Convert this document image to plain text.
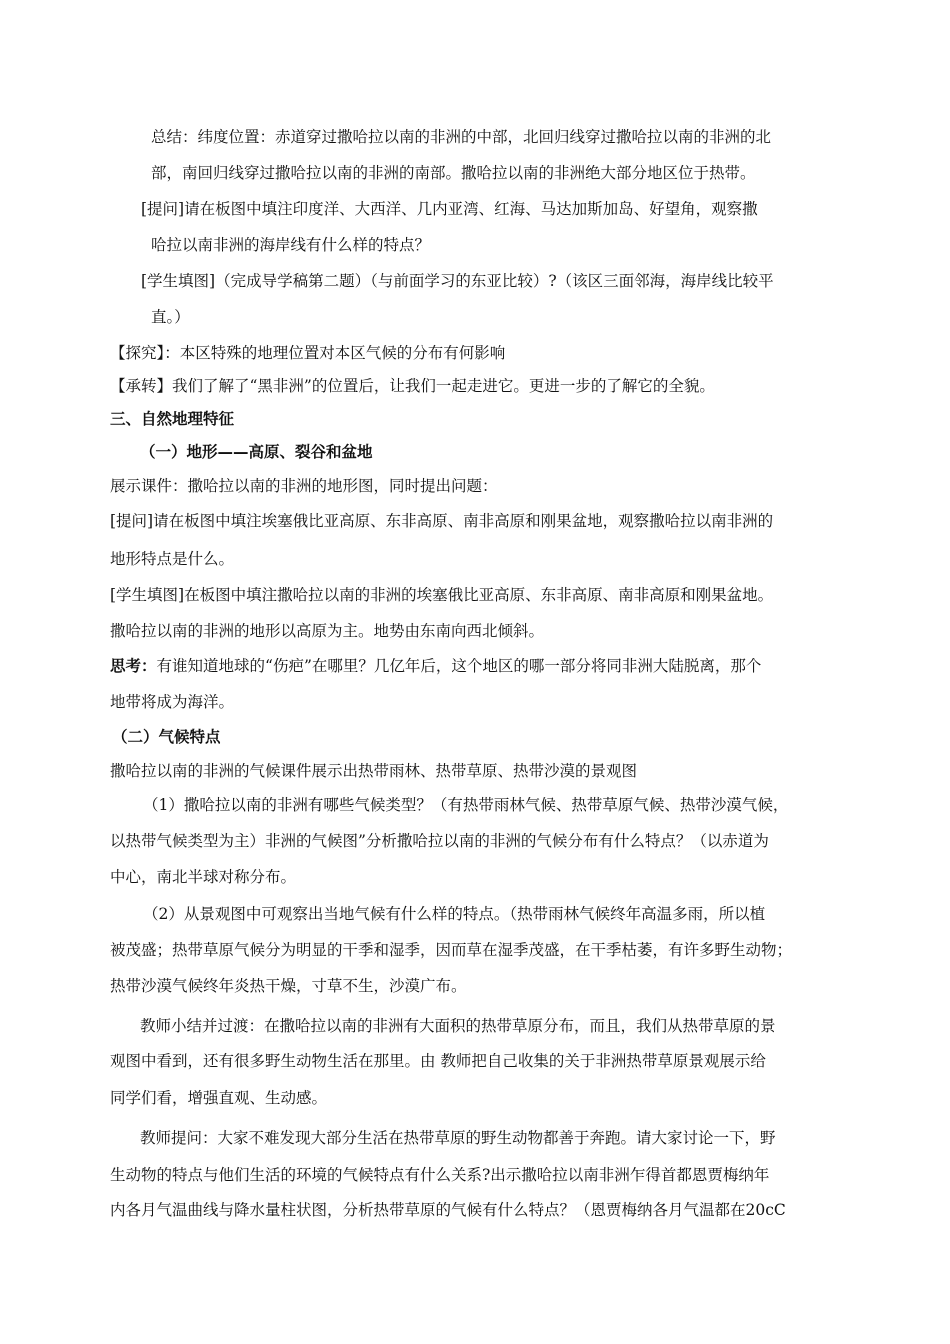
总结：纬度位置：赤道穿过撒哈拉以南的非洲的中部，北回归线穿过撒哈拉以南的非洲的北
部，南回归线穿过撒哈拉以南的非洲的南部。撒哈拉以南的非洲绝大部分地区位于热带。
[提问]请在板图中填注印度洋、大西洋、几内亚湾、红海、马达加斯加岛、好望角，观察撒
哈拉以南非洲的海岸线有什么样的特点？
[学生填图]（完成导学稿第二题）（与前面学习的东亚比较）?（该区三面邻海，海岸线比较平
直。）
【探究】：本区特殊的地理位置对本区气候的分布有何影响
【承转】我们了解了“黑非洲”的位置后，让我们一起走进它。更进一步的了解它的全貌。
三、自然地理特征
（一）地形——高原、裂谷和盆地
展示课件：撒哈拉以南的非洲的地形图，同时提出问题：
[提问]请在板图中填注埃塞俄比亚高原、东非高原、南非高原和刚果盆地，观察撒哈拉以南非洲的
地形特点是什么。
[学生填图]在板图中填注撒哈拉以南的非洲的埃塞俄比亚高原、东非高原、南非高原和刚果盆地。
撒哈拉以南的非洲的地形以高原为主。地势由东南向西北倾斜。
思考：有谁知道地球的“伤疤”在哪里？几亿年后，这个地区的哪一部分将同非洲大陆脱离，那个
地带将成为海洋。
（二）气候特点
撒哈拉以南的非洲的气候课件展示出热带雨林、热带草原、热带沙漠的景观图
（1）撒哈拉以南的非洲有哪些气候类型？（有热带雨林气候、热带草原气候、热带沙漠气候，
以热带气候类型为主）非洲的气候图”分析撒哈拉以南的非洲的气候分布有什么特点？（以赤道为
中心，南北半球对称分布。
（2）从景观图中可观察出当地气候有什么样的特点。（热带雨林气候终年高温多雨，所以植
被茂盛；热带草原气候分为明显的干季和湿季，因而草在湿季茂盛，在干季枯萎，有许多野生动物；
热带沙漠气候终年炎热干燥，寸草不生，沙漠广布。
教师小结并过渡：在撒哈拉以南的非洲有大面积的热带草原分布，而且，我们从热带草原的景
观图中看到，还有很多野生动物生活在那里。由 教师把自己收集的关于非洲热带草原景观展示给
同学们看，增强直观、生动感。
教师提问：大家不难发现大部分生活在热带草原的野生动物都善于奔跑。请大家讨论一下，野
生动物的特点与他们生活的环境的气候特点有什么关系?出示撒哈拉以南非洲乍得首都恩贾梅纳年
内各月气温曲线与降水量柱状图，分析热带草原的气候有什么特点？（恩贾梅纳各月气温都在20cC
